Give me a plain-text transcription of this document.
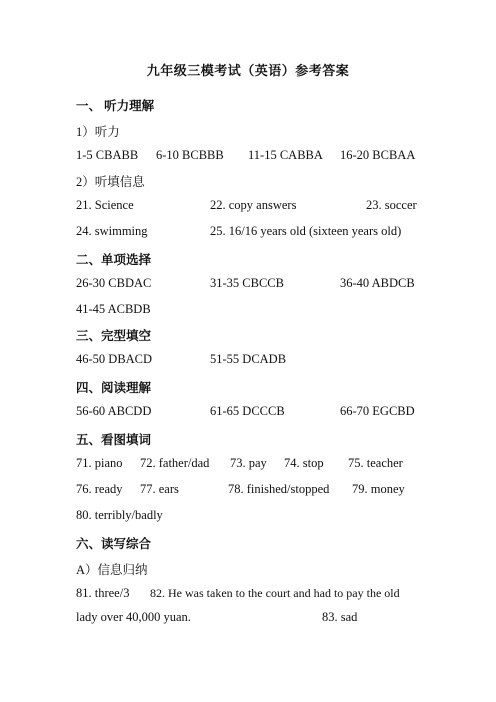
九年级三模考试（英语）参考答案
一、 听力理解
1）听力
1-5 CBABB 6-10 BCBBB 11-15 CABBA 16-20 BCBAA
2）听填信息
21. Science	22. copy answers	23. soccer
24. swimming	25. 16/16 years old (sixteen years old)
二、单项选择
26-30 CBDAC	31-35 CBCCB	36-40 ABDCB
41-45 ACBDB
三、完型填空
46-50 DBACD	51-55 DCADB
四、阅读理解
56-60 ABCDD	61-65 DCCCB	66-70 EGCBD
五、看图填词
71. piano 72. father/dad 73. pay 74. stop 75. teacher
76. ready 77. ears	78. finished/stopped 79. money
80. terribly/badly
六、读写综合
A）信息归纳
81. three/3 82. He was taken to the court and had to pay the old
lady over 40,000 yuan.	83. sad
